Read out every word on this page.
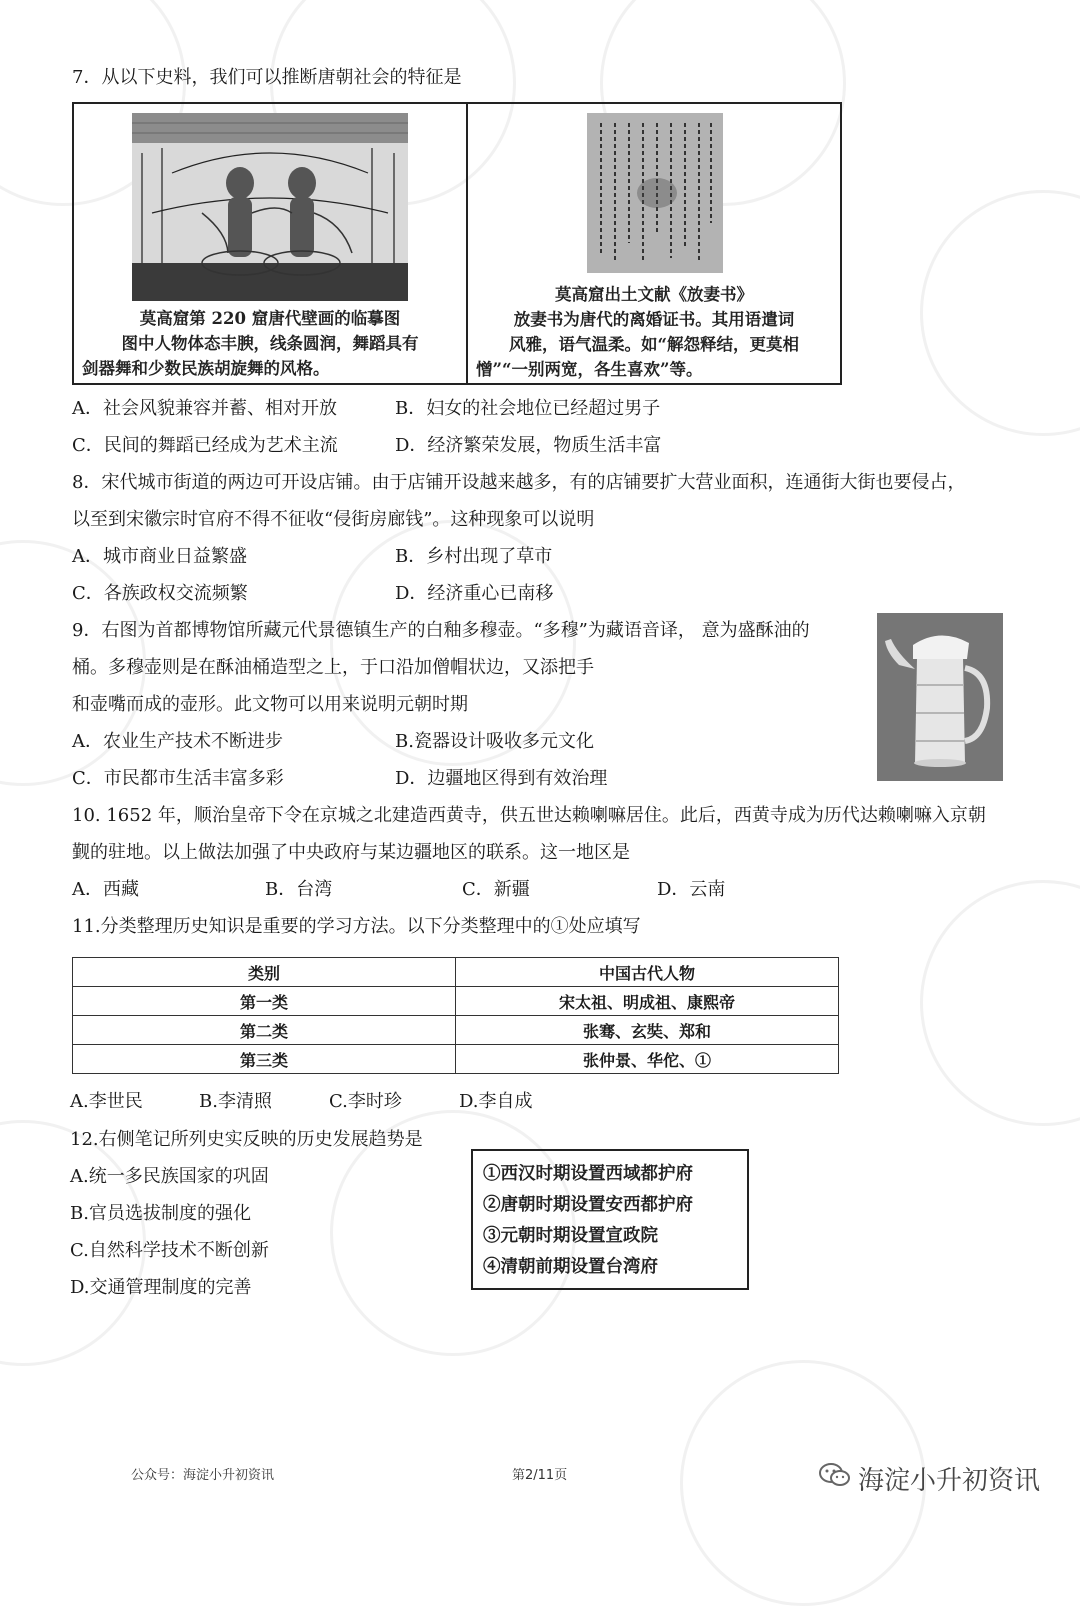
7．从以下史料，我们可以推断唐朝社会的特征是
莫高窟第 220 窟唐代壁画的临摹图
图中人物体态丰腴，线条圆润，舞蹈具有
剑器舞和少数民族胡旋舞的风格。
莫高窟出土文献《放妻书》
放妻书为唐代的离婚证书。其用语遣词
风雅，语气温柔。如“解怨释结，更莫相
憎”“一别两宽，各生喜欢”等。
A．社会风貌兼容并蓄、相对开放	B．妇女的社会地位已经超过男子
C．民间的舞蹈已经成为艺术主流	D．经济繁荣发展，物质生活丰富
8．宋代城市街道的两边可开设店铺。由于店铺开设越来越多，有的店铺要扩大营业面积，连通街大街也要侵占，
以至到宋徽宗时官府不得不征收“侵街房廊钱”。这种现象可以说明
A．城市商业日益繁盛	B．乡村出现了草市
C．各族政权交流频繁	D．经济重心已南移
9．右图为首都博物馆所藏元代景德镇生产的白釉多穆壶。“多穆”为藏语音译， 意为盛酥油的
桶。多穆壶则是在酥油桶造型之上，于口沿加僧帽状边，又添把手
和壶嘴而成的壶形。此文物可以用来说明元朝时期
A．农业生产技术不断进步	B.瓷器设计吸收多元文化
C．市民都市生活丰富多彩	D．边疆地区得到有效治理
10. 1652 年，顺治皇帝下令在京城之北建造西黄寺，供五世达赖喇嘛居住。此后，西黄寺成为历代达赖喇嘛入京朝
觐的驻地。以上做法加强了中央政府与某边疆地区的联系。这一地区是
A．西藏	B．台湾	C．新疆	D．云南
11.分类整理历史知识是重要的学习方法。以下分类整理中的①处应填写
类别	中国古代人物
第一类	宋太祖、明成祖、康熙帝
第二类	张骞、玄奘、郑和
第三类	张仲景、华佗、①
A.李世民	B.李清照	C.李时珍	D.李自成
12.右侧笔记所列史实反映的历史发展趋势是
A.统一多民族国家的巩固
B.官员选拔制度的强化
C.自然科学技术不断创新
D.交通管理制度的完善
①西汉时期设置西域都护府
②唐朝时期设置安西都护府
③元朝时期设置宣政院
④清朝前期设置台湾府
公众号：海淀小升初资讯	第2/11页	海淀小升初资讯
